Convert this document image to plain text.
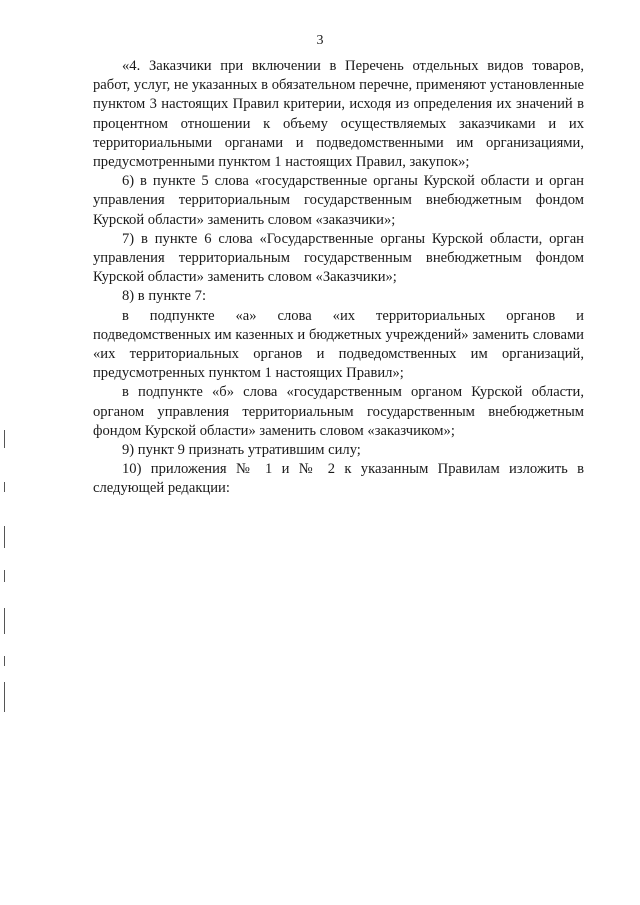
3

«4. Заказчики при включении в Перечень отдельных видов товаров, работ, услуг, не указанных в обязательном перечне, применяют установленные пунктом 3 настоящих Правил критерии, исходя из определения их значений в процентном отношении к объему осуществляемых заказчиками и их территориальными органами и подведомственными им организациями, предусмотренными пунктом 1 настоящих Правил, закупок»;

6) в пункте 5 слова «государственные органы Курской области и орган управления территориальным государственным внебюджетным фондом Курской области» заменить словом «заказчики»;

7) в пункте 6 слова «Государственные органы Курской области, орган управления территориальным государственным внебюджетным фондом Курской области» заменить словом «Заказчики»;

8) в пункте 7:

в подпункте «а» слова «их территориальных органов и подведомственных им казенных и бюджетных учреждений» заменить словами «их территориальных органов и подведомственных им организаций, предусмотренных пунктом 1 настоящих Правил»;

в подпункте «б» слова «государственным органом Курской области, органом управления территориальным государственным внебюджетным фондом Курской области» заменить словом «заказчиком»;

9) пункт 9 признать утратившим силу;

10) приложения № 1 и № 2 к указанным Правилам изложить в следующей редакции:
